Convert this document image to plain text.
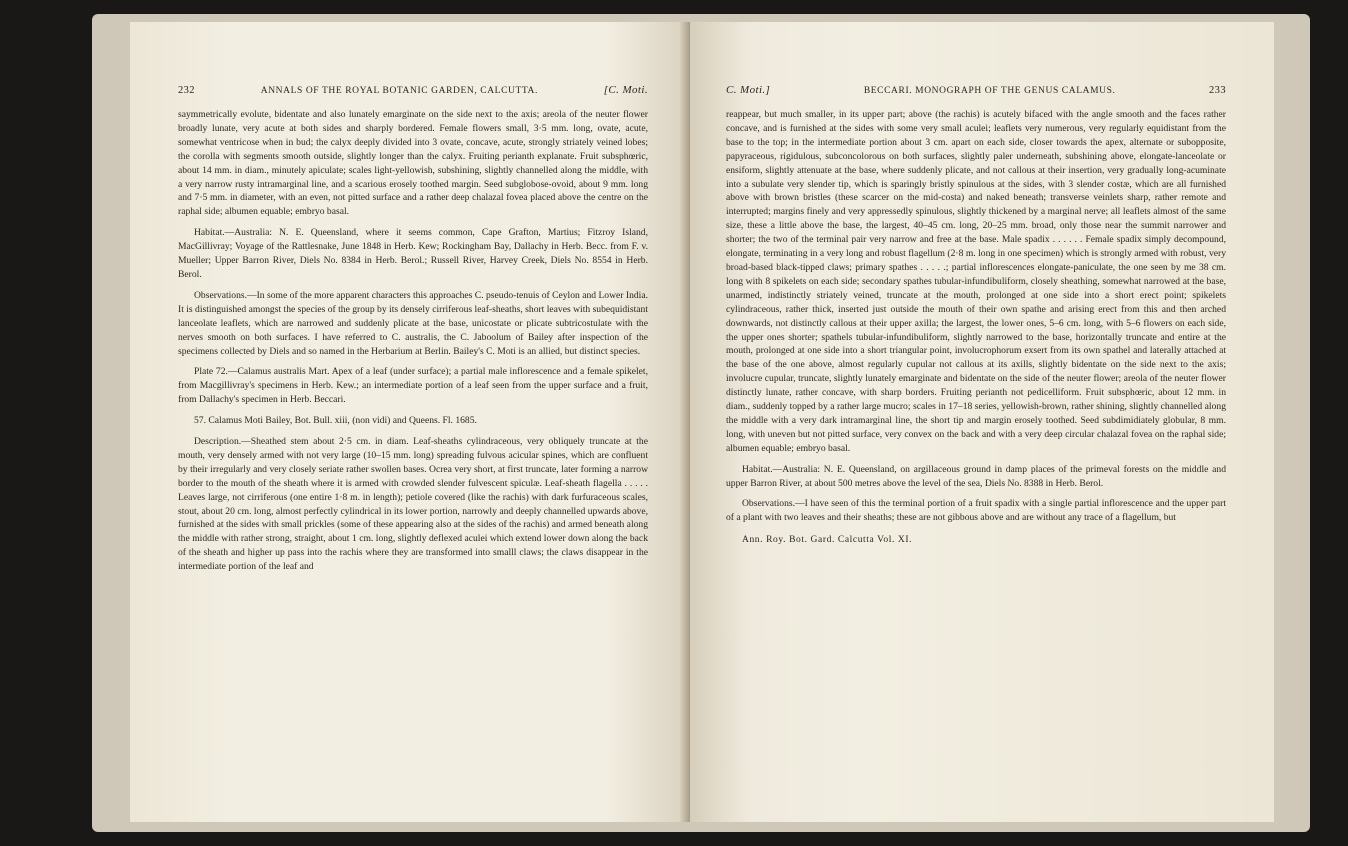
232	ANNALS OF THE ROYAL BOTANIC GARDEN, CALCUTTA.	[C. Moti.

saymmetrically evolute, bidentate and also lunately emarginate on the side next to the axis; areola of the neuter flower broadly lunate, very acute at both sides and sharply bordered. Female flowers small, 3·5 mm. long, ovate, acute, somewhat ventricose when in bud; the calyx deeply divided into 3 ovate, concave, acute, strongly striately veined lobes; the corolla with segments smooth outside, slightly longer than the calyx. Fruiting perianth explanate. Fruit subsphœric, about 14 mm. in diam., minutely apiculate; scales light-yellowish, subshining, slightly channelled along the middle, with a very narrow rusty intramarginal line, and a scarious erosely toothed margin. Seed subglobose-ovoid, about 9 mm. long and 7·5 mm. in diameter, with an even, not pitted surface and a rather deep chalazal fovea placed above the centre on the raphal side; albumen equable; embryo basal.

Habitat.—Australia: N. E. Queensland, where it seems common, Cape Grafton, Martius; Fitzroy Island, MacGillivray; Voyage of the Rattlesnake, June 1848 in Herb. Kew; Rockingham Bay, Dallachy in Herb. Becc. from F. v. Mueller; Upper Barron River, Diels No. 8384 in Herb. Berol.; Russell River, Harvey Creek, Diels No. 8554 in Herb. Berol.

Observations.—In some of the more apparent characters this approaches C. pseudo-tenuis of Ceylon and Lower India. It is distinguished amongst the species of the group by its densely cirriferous leaf-sheaths, short leaves with subequidistant lanceolate leaflets, which are narrowed and suddenly plicate at the base, unicostate or plicate subtricostulate with the nerves smooth on both surfaces. I have referred to C. australis, the C. Jaboolum of Bailey after inspection of the specimens collected by Diels and so named in the Herbarium at Berlin. Bailey's C. Moti is an allied, but distinct species.

Plate 72.—Calamus australis Mart. Apex of a leaf (under surface); a partial male inflorescence and a female spikelet, from Macgillivray's specimens in Herb. Kew.; an intermediate portion of a leaf seen from the upper surface and a fruit, from Dallachy's specimen in Herb. Beccari.

57. Calamus Moti Bailey, Bot. Bull. xiii, (non vidi) and Queens. Fl. 1685.

Description.—Sheathed stem about 2·5 cm. in diam. Leaf-sheaths cylindraceous, very obliquely truncate at the mouth, very densely armed with not very large (10–15 mm. long) spreading fulvous acicular spines, which are confluent by their irregularly and very closely seriate rather swollen bases. Ocrea very short, at first truncate, later forming a narrow border to the mouth of the sheath where it is armed with crowded slender fulvescent spiculæ. Leaf-sheath flagella . . . . . Leaves large, not cirriferous (one entire 1·8 m. in length); petiole covered (like the rachis) with dark furfuraceous scales, stout, about 20 cm. long, almost perfectly cylindrical in its lower portion, narrowly and deeply channelled upwards above, furnished at the sides with small prickles (some of these appearing also at the sides of the rachis) and armed beneath along the middle with rather strong, straight, about 1 cm. long, slightly deflexed aculei which extend lower down along the back of the sheath and higher up pass into the rachis where they are transformed into smalll claws; the claws disappear in the intermediate portion of the leaf and

C. Moti.]	BECCARI. MONOGRAPH OF THE GENUS CALAMUS.	233

reappear, but much smaller, in its upper part; above (the rachis) is acutely bifaced with the angle smooth and the faces rather concave, and is furnished at the sides with some very small aculei; leaflets very numerous, very regularly equidistant from the base to the top; in the intermediate portion about 3 cm. apart on each side, closer towards the apex, alternate or subopposite, papyraceous, rigidulous, subconcolorous on both surfaces, slightly paler underneath, subshining above, elongate-lanceolate or ensiform, slightly attenuate at the base, where suddenly plicate, and not callous at their insertion, very gradually long-acuminate into a subulate very slender tip, which is sparingly bristly spinulous at the sides, with 3 slender costæ, which are all furnished above with brown bristles (these scarcer on the mid-costa) and naked beneath; transverse veinlets sharp, rather remote and interrupted; margins finely and very appressedly spinulous, slightly thickened by a marginal nerve; all leaflets almost of the same size, these a little above the base, the largest, 40–45 cm. long, 20–25 mm. broad, only those near the summit narrower and shorter; the two of the terminal pair very narrow and free at the base. Male spadix . . . . . . Female spadix simply decompound, elongate, terminating in a very long and robust flagellum (2·8 m. long in one specimen) which is strongly armed with robust, very broad-based black-tipped claws; primary spathes . . . . .; partial inflorescences elongate-paniculate, the one seen by me 38 cm. long with 8 spikelets on each side; secondary spathes tubular-infundibuliform, closely sheathing, somewhat narrowed at the base, unarmed, indistinctly striately veined, truncate at the mouth, prolonged at one side into a short erect point; spikelets cylindraceous, rather thick, inserted just outside the mouth of their own spathe and arising erect from this and then arched downwards, not distinctly callous at their upper axilla; the largest, the lower ones, 5–6 cm. long, with 5–6 flowers on each side, the upper ones shorter; spathels tubular-infundibuliform, slightly narrowed to the base, horizontally truncate and entire at the mouth, prolonged at one side into a short triangular point, involucrophorum exsert from its own spathel and laterally attached at the base of the one above, almost regularly cupular not callous at its axills, slightly bidentate on the side next to the axis; involucre cupular, truncate, slightly lunately emarginate and bidentate on the side of the neuter flower; areola of the neuter flower distinctly lunate, rather concave, with sharp borders. Fruiting perianth not pedicelliform. Fruit subsphœric, about 12 mm. in diam., suddenly topped by a rather large mucro; scales in 17–18 series, yellowish-brown, rather shining, slightly channelled along the middle with a very dark intramarginal line, the short tip and margin erosely toothed. Seed subdimidiately globular, 8 mm. long, with uneven but not pitted surface, very convex on the back and with a very deep circular chalazal fovea on the raphal side; albumen equable; embryo basal.

Habitat.—Australia: N. E. Queensland, on argillaceous ground in damp places of the primeval forests on the middle and upper Barron River, at about 500 metres above the level of the sea, Diels No. 8388 in Herb. Berol.

Observations.—I have seen of this the terminal portion of a fruit spadix with a single partial inflorescence and the upper part of a plant with two leaves and their sheaths; these are not gibbous above and are without any trace of a flagellum, but

Ann. Roy. Bot. Gard. Calcutta Vol. XI.
